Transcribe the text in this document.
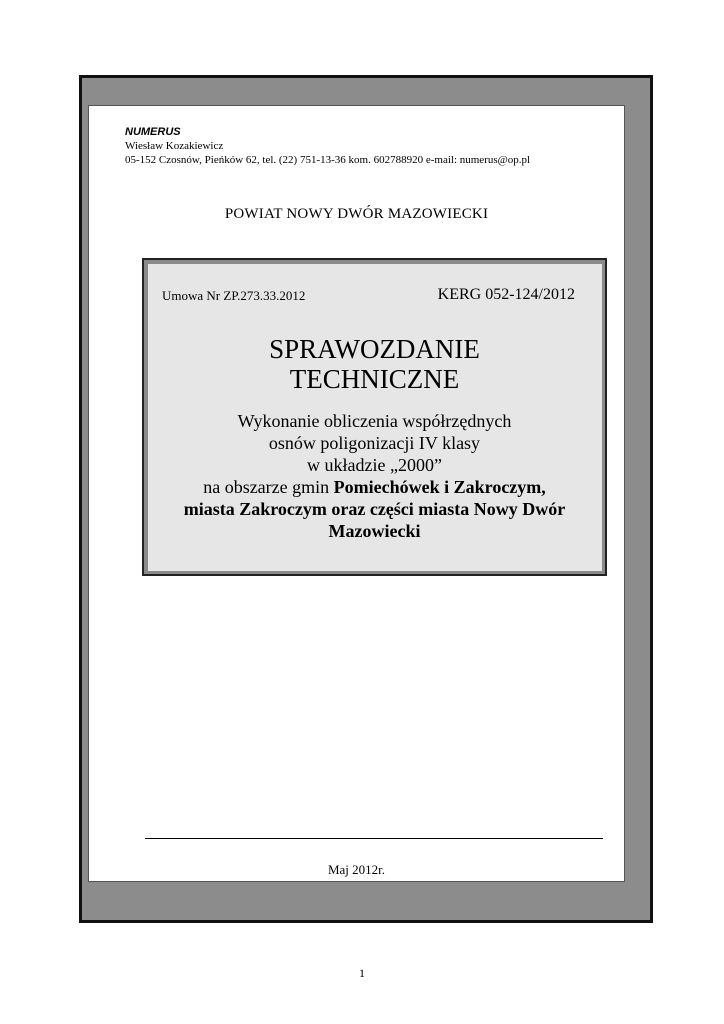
NUMERUS
Wiesław Kozakiewicz
05-152 Czosnów, Pieńków 62, tel. (22) 751-13-36 kom. 602788920 e-mail: numerus@op.pl
POWIAT NOWY DWÓR MAZOWIECKI
Umowa Nr ZP.273.33.2012	KERG 052-124/2012
SPRAWOZDANIE
TECHNICZNE
Wykonanie obliczenia współrzędnych
osnów poligonizacji IV klasy
w układzie „2000”
na obszarze gmin Pomiechówek i Zakroczym,
miasta Zakroczym oraz części miasta Nowy Dwór
Mazowiecki
Maj 2012r.
1
